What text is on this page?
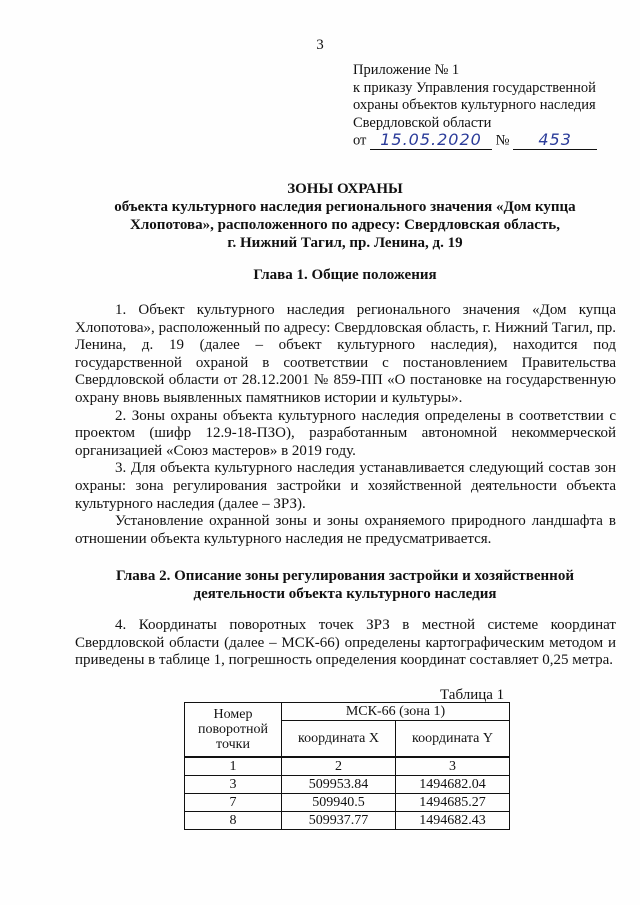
3
Приложение № 1
к приказу Управления государственной
охраны объектов культурного наследия
Свердловской области
от 15.05.2020 № 453
ЗОНЫ ОХРАНЫ
объекта культурного наследия регионального значения «Дом купца
Хлопотова», расположенного по адресу: Свердловская область,
г. Нижний Тагил, пр. Ленина, д. 19
Глава 1. Общие положения

1. Объект культурного наследия регионального значения «Дом купца Хлопотова», расположенный по адресу: Свердловская область, г. Нижний Тагил, пр. Ленина, д. 19 (далее – объект культурного наследия), находится под государственной охраной в соответствии с постановлением Правительства Свердловской области от 28.12.2001 № 859-ПП «О постановке на государственную охрану вновь выявленных памятников истории и культуры».

2. Зоны охраны объекта культурного наследия определены в соответствии с проектом (шифр 12.9-18-ПЗО), разработанным автономной некоммерческой организацией «Союз мастеров» в 2019 году.

3. Для объекта культурного наследия устанавливается следующий состав зон охраны: зона регулирования застройки и хозяйственной деятельности объекта культурного наследия (далее – ЗРЗ).

Установление охранной зоны и зоны охраняемого природного ландшафта в отношении объекта культурного наследия не предусматривается.

Глава 2. Описание зоны регулирования застройки и хозяйственной
деятельности объекта культурного наследия

4. Координаты поворотных точек ЗРЗ в местной системе координат Свердловской области (далее – МСК-66) определены картографическим методом и приведены в таблице 1, погрешность определения координат составляет 0,25 метра.

Таблица 1
Номер поворотной точки	МСК-66 (зона 1)	
	координата X	координата Y
1	2	3
3	509953.84	1494682.04
7	509940.5	1494685.27
8	509937.77	1494682.43
